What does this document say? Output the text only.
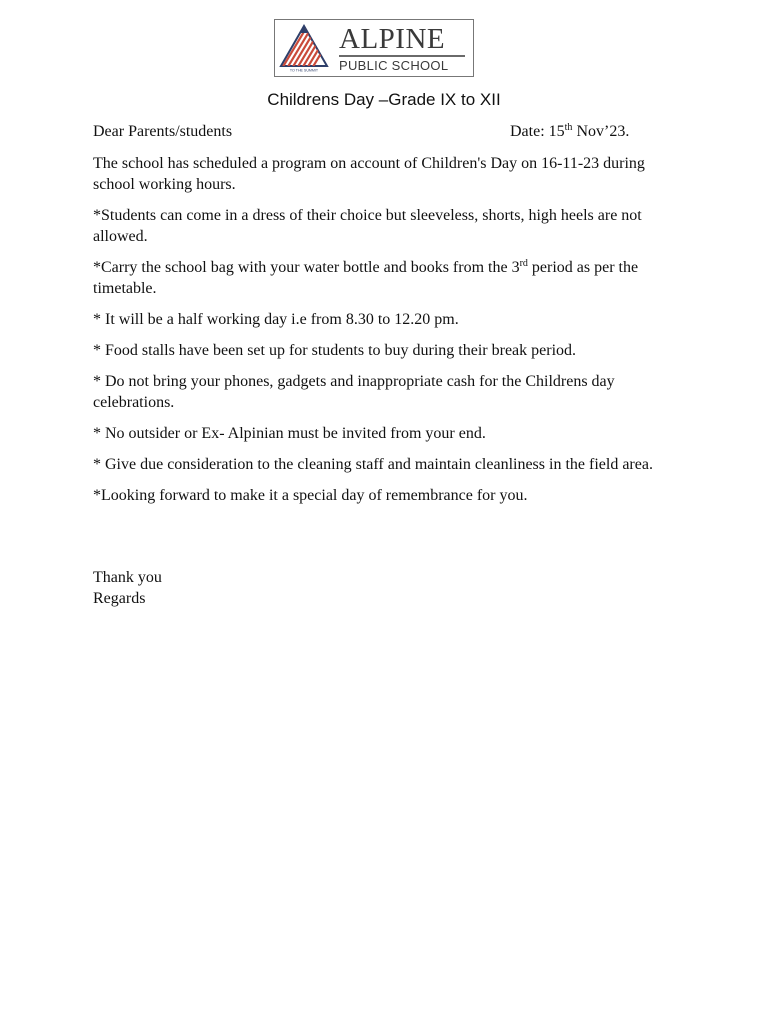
TO THE SUMMIT
ALPINE
PUBLIC SCHOOL
Childrens Day –Grade IX to XII
Dear Parents/students	Date: 15th Nov’23.

The school has scheduled a program on account of Children's Day on 16-11-23 during school working hours.

*Students can come in a dress of their choice but sleeveless, shorts, high heels are not allowed.

*Carry the school bag with your water bottle and books from the 3rd period as per the timetable.

* It will be a half working day i.e from 8.30 to 12.20 pm.

* Food stalls have been set up for students to buy during their break period.

* Do not bring your phones, gadgets and inappropriate cash for the Childrens day celebrations.

* No outsider or Ex- Alpinian must be invited from your end.

* Give due consideration to the cleaning staff and maintain cleanliness in the field area.

*Looking forward to make it a special day of remembrance for you.

Thank you
Regards
